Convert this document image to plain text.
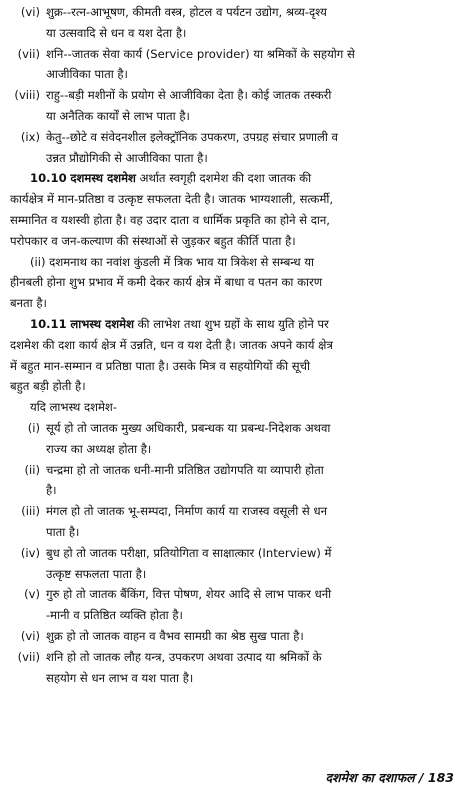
(vi) शुक्र--रत्न-आभूषण, कीमती वस्त्र, होटल व पर्यटन उद्योग, श्रव्य-दृश्य
या उत्सवादि से धन व यश देता है।
(vii) शनि--जातक सेवा कार्य (Service provider) या श्रमिकों के सहयोग से
आजीविका पाता है।
(viii) राहु--बड़ी मशीनों के प्रयोग से आजीविका देता है। कोई जातक तस्करी
या अनैतिक कार्यों से लाभ पाता है।
(ix) केतु--छोटे व संवेदनशील इलेक्ट्रॉनिक उपकरण, उपग्रह संचार प्रणाली व
उन्नत प्रौद्योगिकी से आजीविका पाता है।
10.10 दशमस्थ दशमेश अर्थात स्वगृही दशमेश की दशा जातक की
कार्यक्षेत्र में मान-प्रतिष्ठा व उत्कृष्ट सफलता देती है। जातक भाग्यशाली, सत्कर्मी,
सम्मानित व यशस्वी होता है। वह उदार दाता व धार्मिक प्रकृति का होने से दान,
परोपकार व जन-कल्याण की संस्थाओं से जुड़कर बहुत कीर्ति पाता है।
(ii) दशमनाथ का नवांश कुंडली में त्रिक भाव या त्रिकेश से सम्बन्ध या
हीनबली होना शुभ प्रभाव में कमी देकर कार्य क्षेत्र में बाधा व पतन का कारण
बनता है।
10.11 लाभस्थ दशमेश की लाभेश तथा शुभ ग्रहों के साथ युति होने पर
दशमेश की दशा कार्य क्षेत्र में उन्नति, धन व यश देती है। जातक अपने कार्य क्षेत्र
में बहुत मान-सम्मान व प्रतिष्ठा पाता है। उसके मित्र व सहयोगियों की सूची
बहुत बड़ी होती है।
यदि लाभस्थ दशमेश-
(i) सूर्य हो तो जातक मुख्य अधिकारी, प्रबन्धक या प्रबन्ध-निदेशक अथवा
राज्य का अध्यक्ष होता है।
(ii) चन्द्रमा हो तो जातक धनी-मानी प्रतिष्ठित उद्योगपति या व्यापारी होता
है।
(iii) मंगल हो तो जातक भू-सम्पदा, निर्माण कार्य या राजस्व वसूली से धन
पाता है।
(iv) बुध हो तो जातक परीक्षा, प्रतियोगिता व साक्षात्कार (Interview) में
उत्कृष्ट सफलता पाता है।
(v) गुरु हो तो जातक बैंकिंग, वित्त पोषण, शेयर आदि से लाभ पाकर धनी
-मानी व प्रतिष्ठित व्यक्ति होता है।
(vi) शुक्र हो तो जातक वाहन व वैभव सामग्री का श्रेष्ठ सुख पाता है।
(vii) शनि हो तो जातक लौह यन्त्र, उपकरण अथवा उत्पाद या श्रमिकों के
सहयोग से धन लाभ व यश पाता है।
दशमेश का दशाफल / 183
